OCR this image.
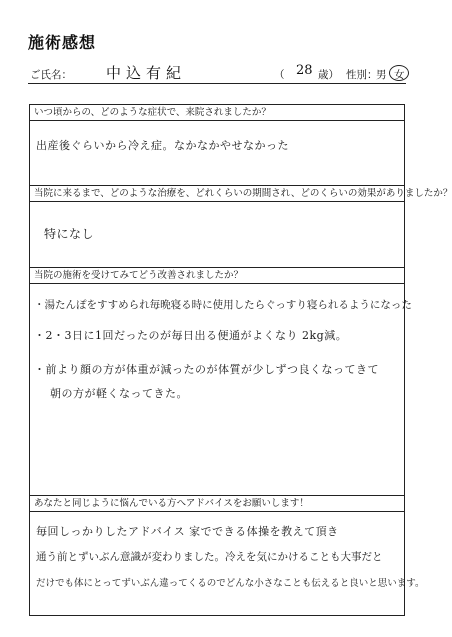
施術感想
ご氏名： 中込有紀	（ 28 歳） 性別：
男 女
いつ頃からの、どのような症状で、来院されましたか？
出産後ぐらいから冷え症。なかなかやせなかった
当院に来るまで、どのような治療を、どれくらいの期間され、どのくらいの効果がありましたか？
特になし
当院の施術を受けてみてどう改善されましたか？
・湯たんぽをすすめられ毎晩寝る時に使用したらぐっすり寝られるようになった
・2・3日に1回だったのが毎日出る便通がよくなり 2kg減。
・前より顔の方が体重が減ったのが体質が少しずつ良くなってきて
朝の方が軽くなってきた。
あなたと同じように悩んでいる方へアドバイスをお願いします！
毎回しっかりしたアドバイス 家でできる体操を教えて頂き
通う前とずいぶん意識が変わりました。冷えを気にかけることも大事だと
だけでも体にとってずいぶん違ってくるのでどんな小さなことも伝えると良いと思います。
